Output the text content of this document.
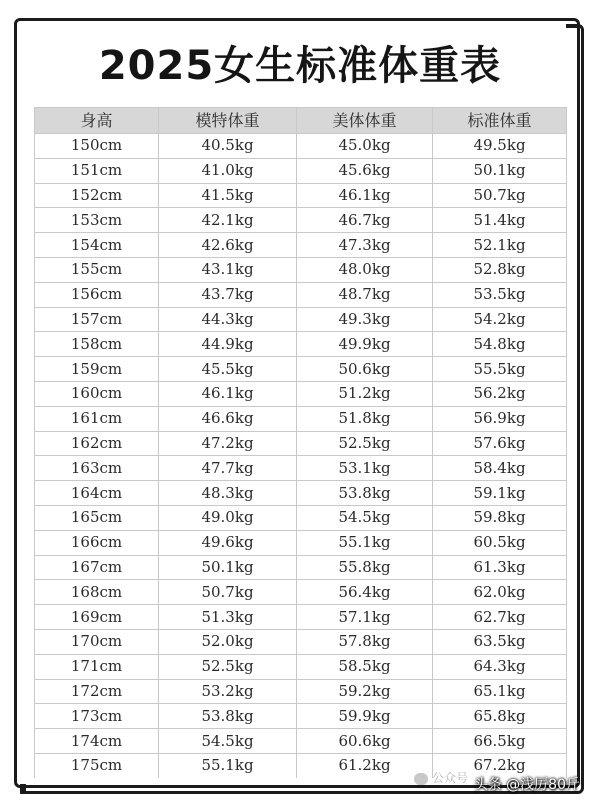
2025女生标准体重表
身高	模特体重	美体体重	标准体重
150cm	40.5kg	45.0kg	49.5kg
151cm	41.0kg	45.6kg	50.1kg
152cm	41.5kg	46.1kg	50.7kg
153cm	42.1kg	46.7kg	51.4kg
154cm	42.6kg	47.3kg	52.1kg
155cm	43.1kg	48.0kg	52.8kg
156cm	43.7kg	48.7kg	53.5kg
157cm	44.3kg	49.3kg	54.2kg
158cm	44.9kg	49.9kg	54.8kg
159cm	45.5kg	50.6kg	55.5kg
160cm	46.1kg	51.2kg	56.2kg
161cm	46.6kg	51.8kg	56.9kg
162cm	47.2kg	52.5kg	57.6kg
163cm	47.7kg	53.1kg	58.4kg
164cm	48.3kg	53.8kg	59.1kg
165cm	49.0kg	54.5kg	59.8kg
166cm	49.6kg	55.1kg	60.5kg
167cm	50.1kg	55.8kg	61.3kg
168cm	50.7kg	56.4kg	62.0kg
169cm	51.3kg	57.1kg	62.7kg
170cm	52.0kg	57.8kg	63.5kg
171cm	52.5kg	58.5kg	64.3kg
172cm	53.2kg	59.2kg	65.1kg
173cm	53.8kg	59.9kg	65.8kg
174cm	54.5kg	60.6kg	66.5kg
175cm	55.1kg	61.2kg	67.2kg
公众号 头条 @浅厉80斤
